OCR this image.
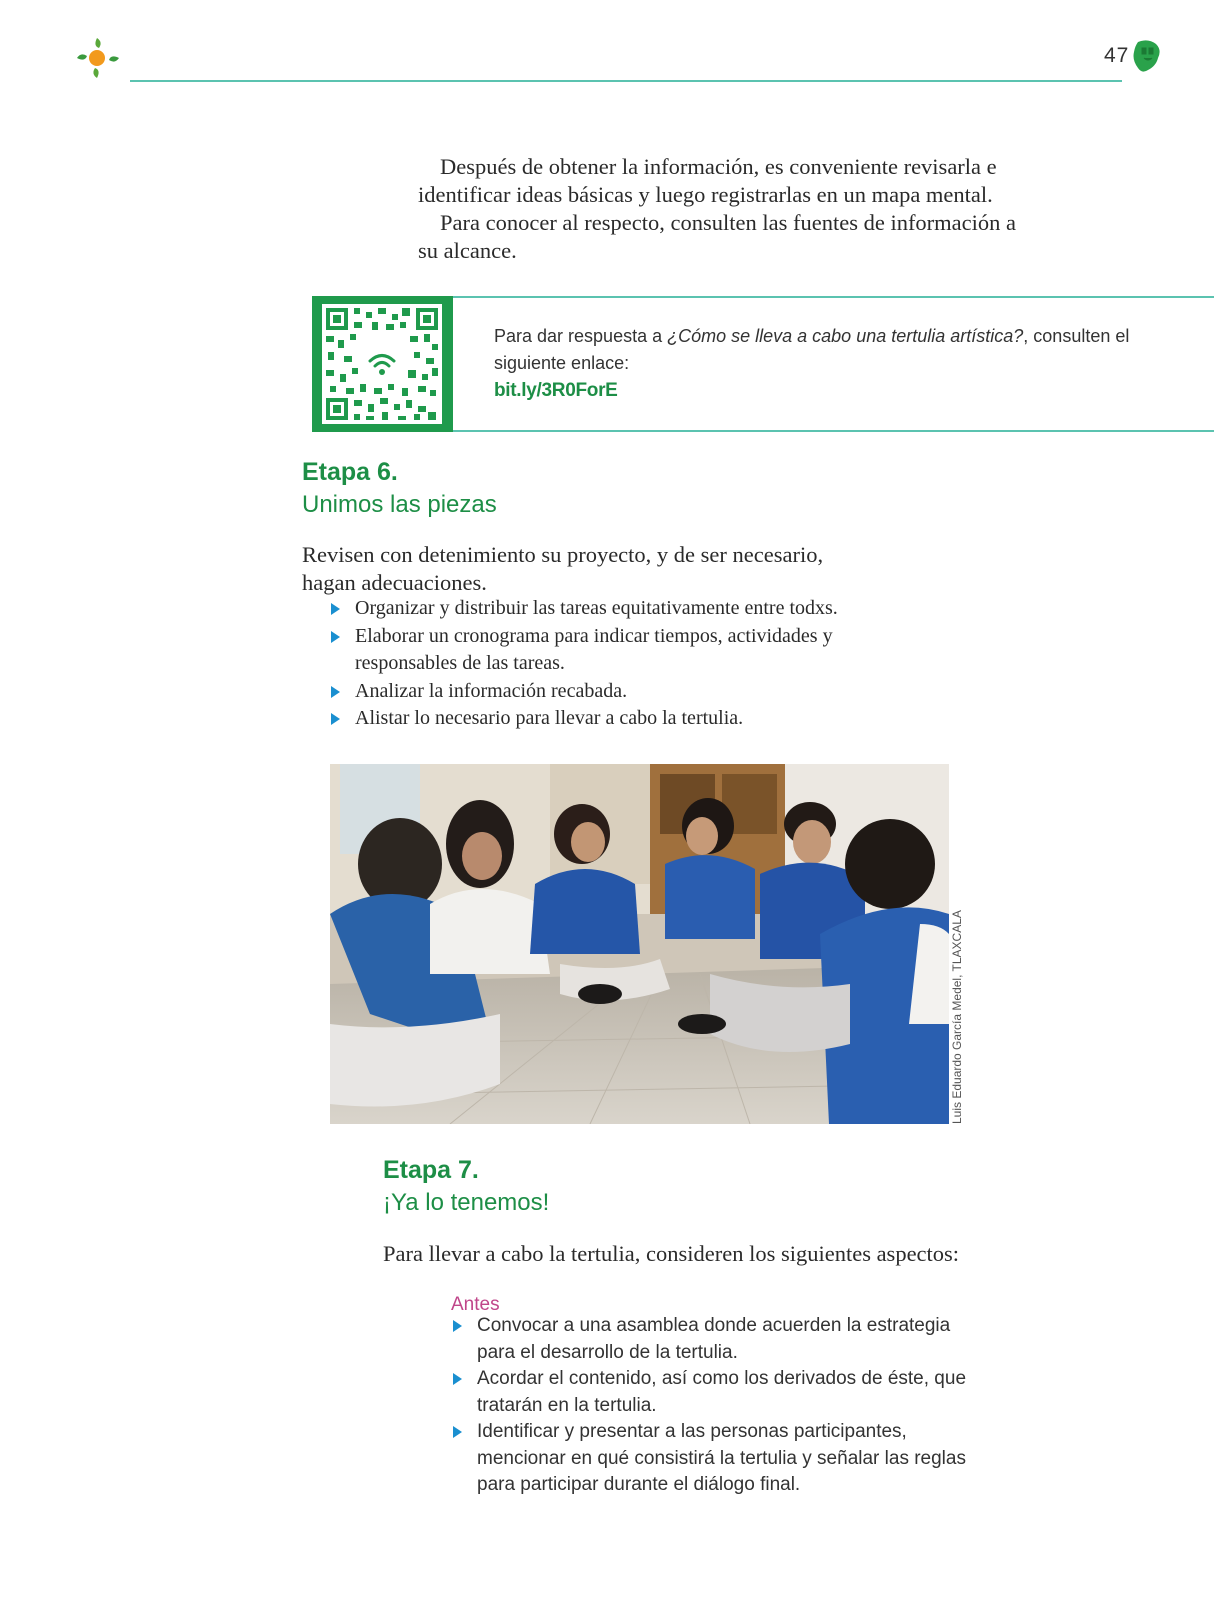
47

Después de obtener la información, es conveniente revisarla e identificar ideas básicas y luego registrarlas en un mapa mental.

Para conocer al respecto, consulten las fuentes de información a su alcance.

Para dar respuesta a ¿Cómo se lleva a cabo una tertulia artística?, consulten el siguiente enlace:
bit.ly/3R0ForE
Etapa 6.
Unimos las piezas
Revisen con detenimiento su proyecto, y de ser necesario, hagan adecuaciones.
Organizar y distribuir las tareas equitativamente entre todxs.
Elaborar un cronograma para indicar tiempos, actividades y responsables de las tareas.
Analizar la información recabada.
Alistar lo necesario para llevar a cabo la tertulia.
Luis Eduardo García Medel, TLAXCALA
Etapa 7.
¡Ya lo tenemos!
Para llevar a cabo la tertulia, consideren los siguientes aspectos:
Antes
Convocar a una asamblea donde acuerden la estrategia para el desarrollo de la tertulia.
Acordar el contenido, así como los derivados de éste, que tratarán en la tertulia.
Identificar y presentar a las personas participantes, mencionar en qué consistirá la tertulia y señalar las reglas para participar durante el diálogo final.
